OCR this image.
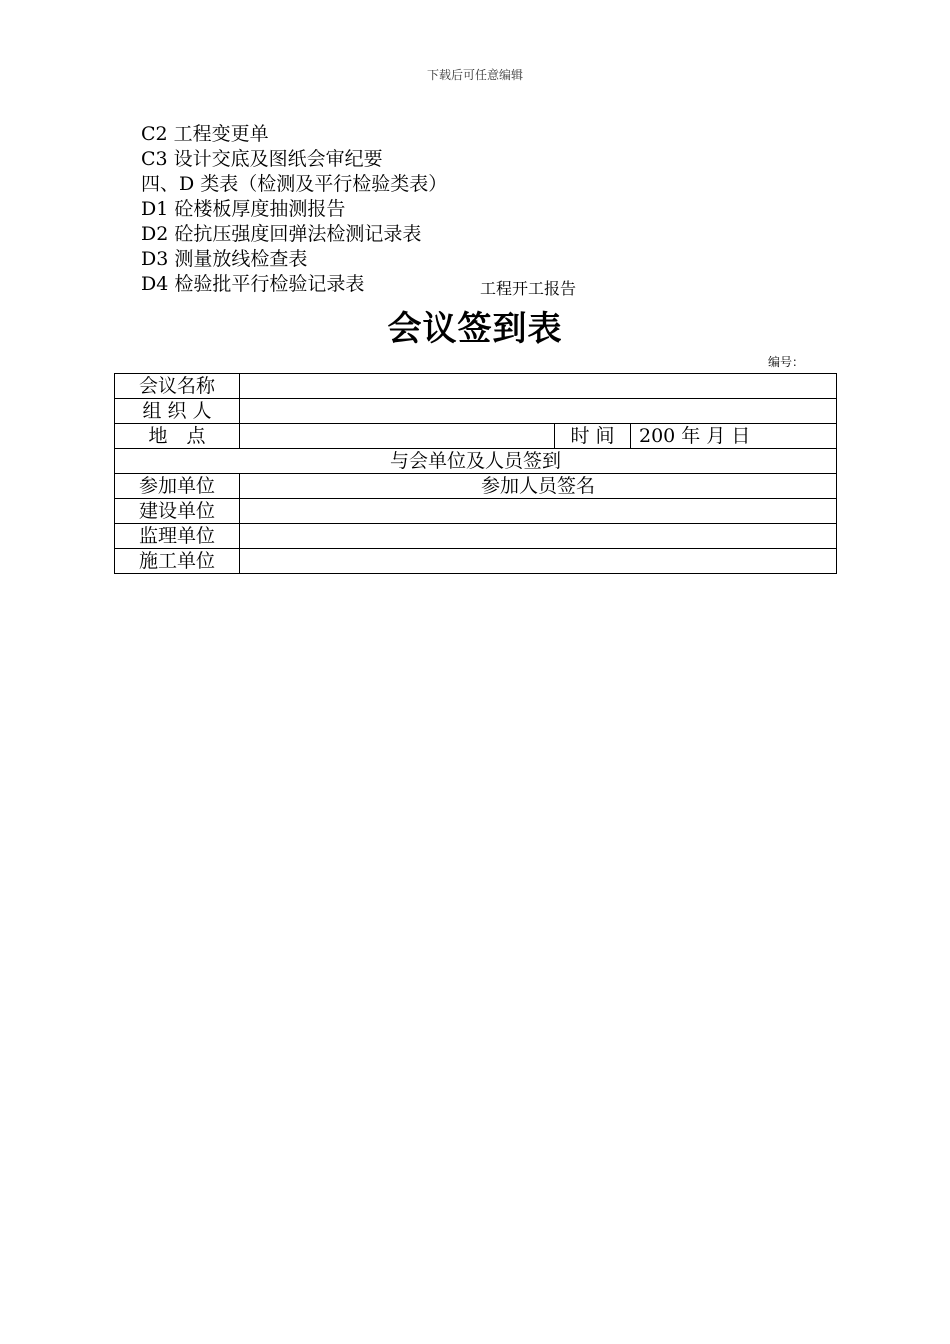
下载后可任意编辑
C2 工程变更单
C3 设计交底及图纸会审纪要
四、D 类表（检测及平行检验类表）
D1 砼楼板厚度抽测报告
D2 砼抗压强度回弹法检测记录表
D3 测量放线检查表
D4 检验批平行检验记录表	工程开工报告
会议签到表
编号：
会议名称			
组 织 人			
地　点		时 间	200 年 月 日
与会单位及人员签到			
参加单位	参加人员签名		
建设单位			
监理单位			
施工单位			
